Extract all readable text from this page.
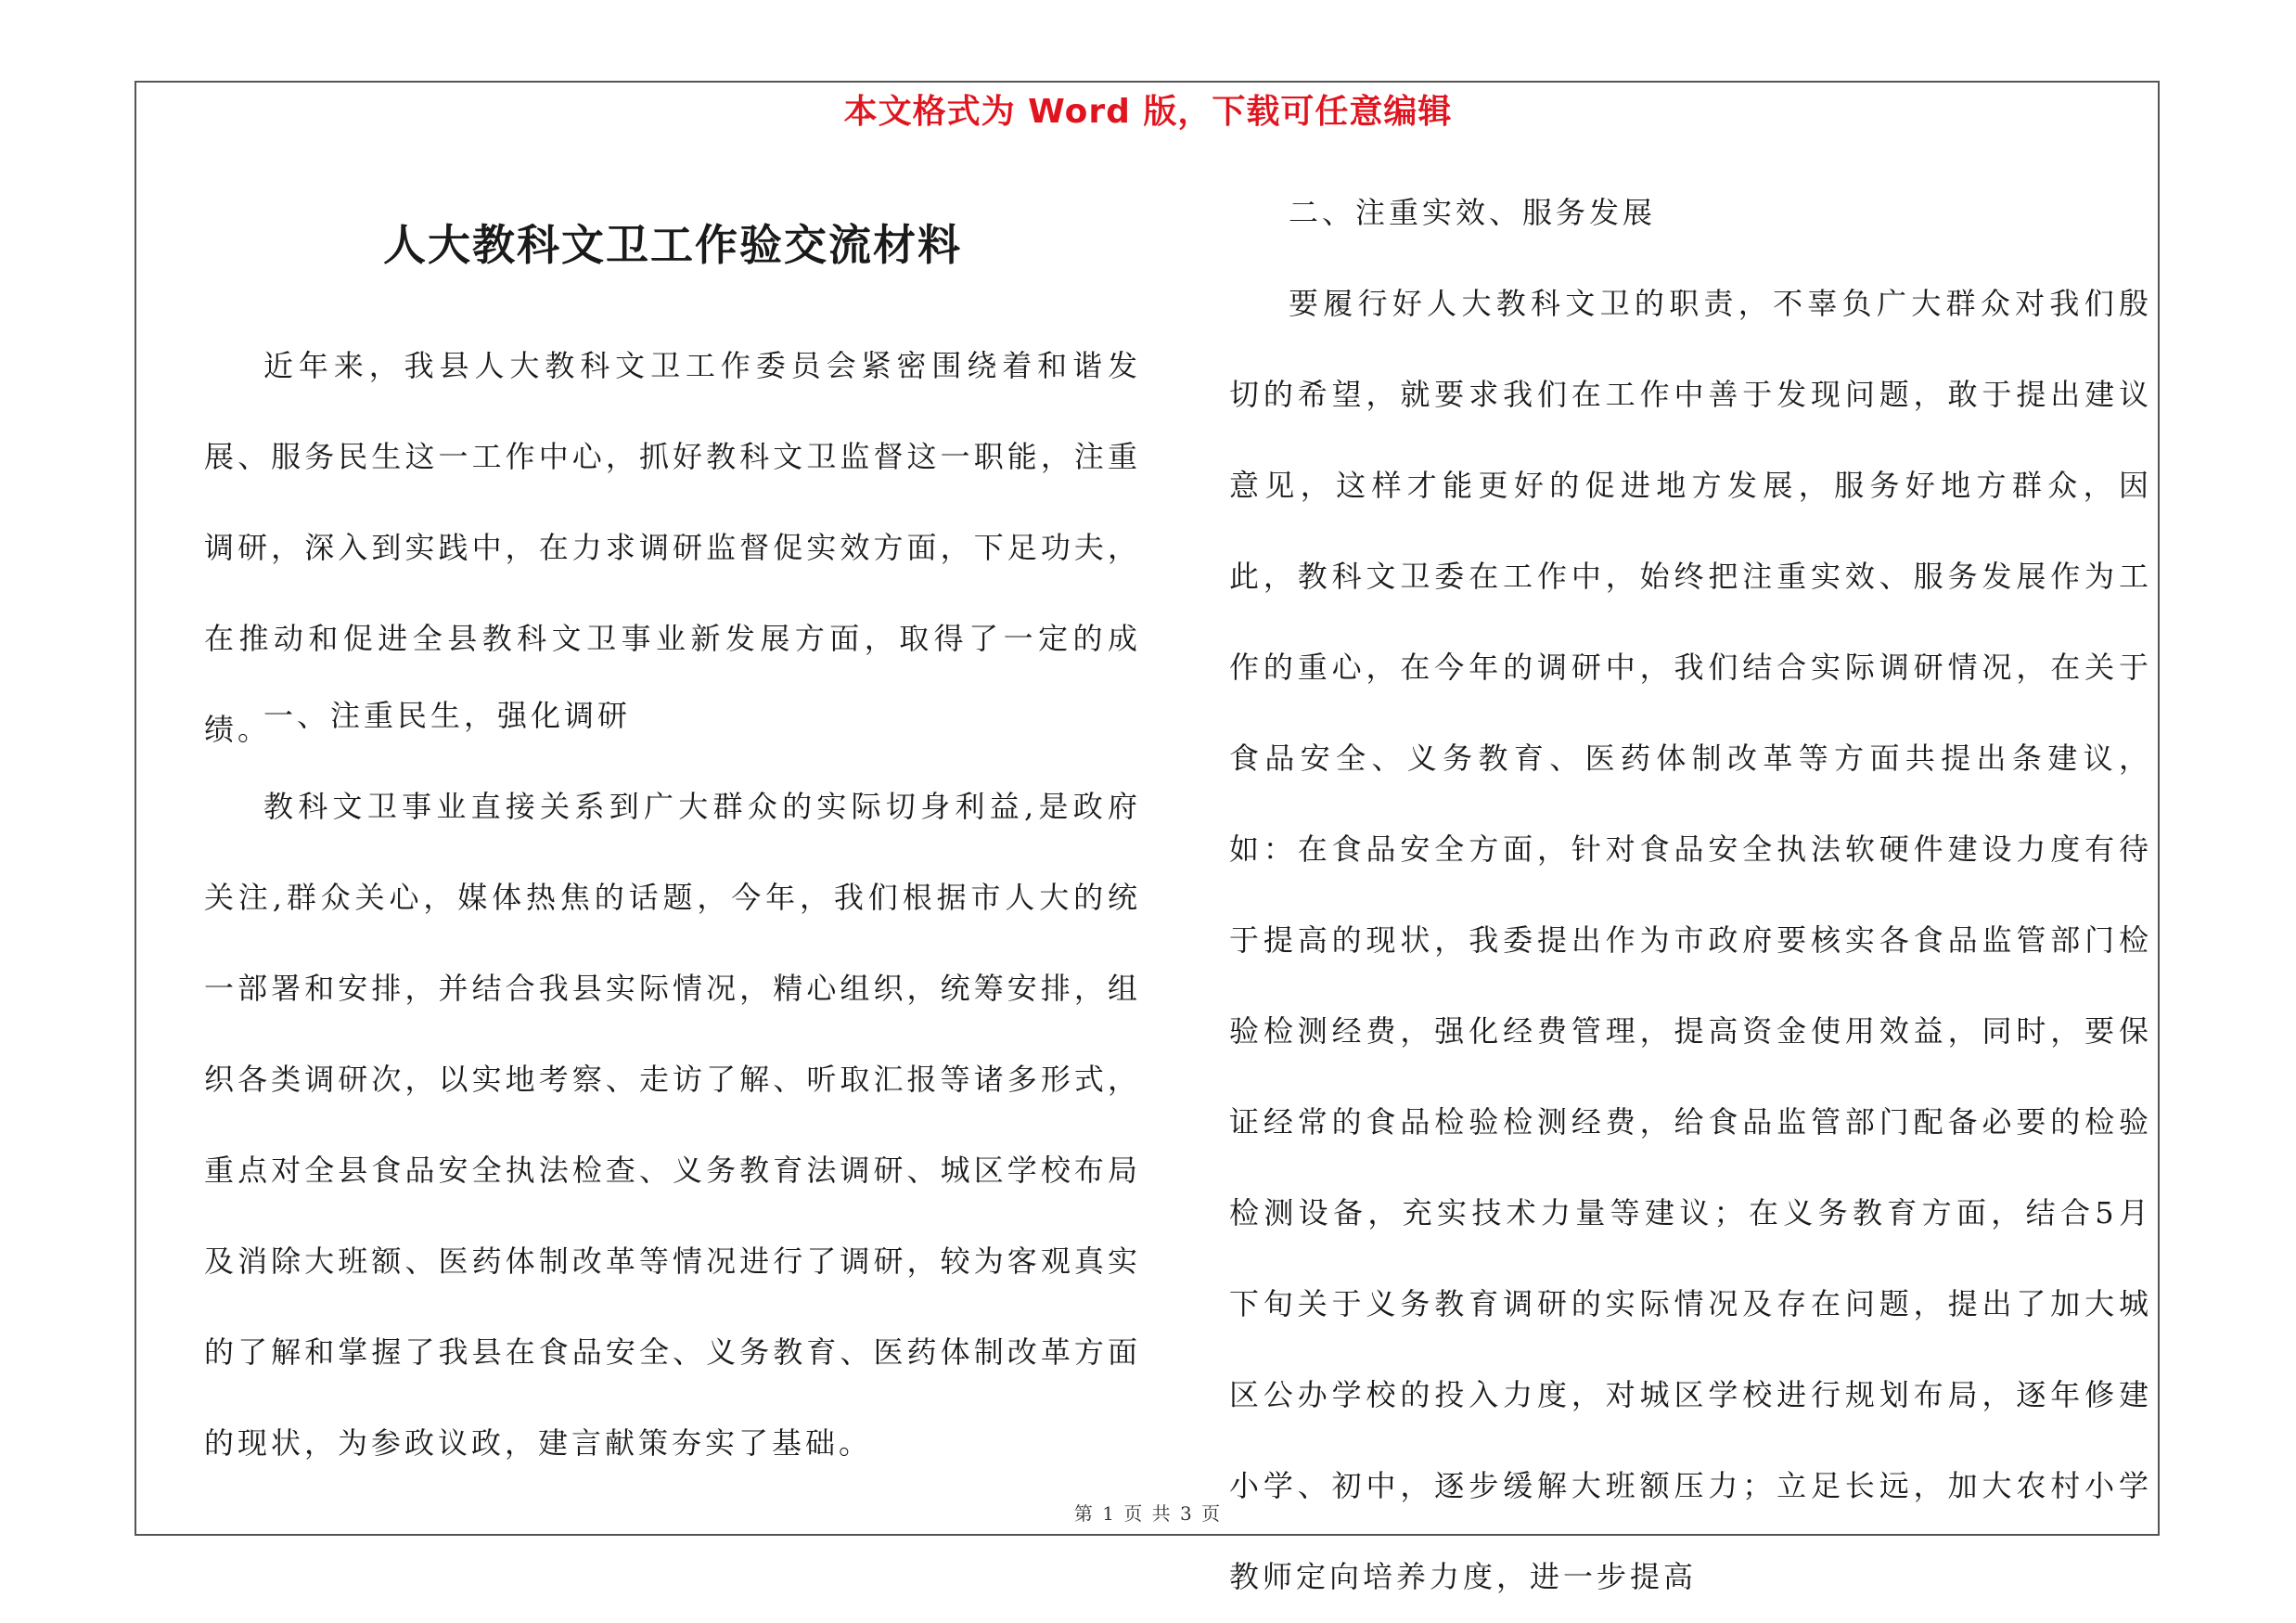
本文格式为 Word 版，下载可任意编辑
人大教科文卫工作验交流材料

近年来，我县人大教科文卫工作委员会紧密围绕着和谐发展、服务民生这一工作中心，抓好教科文卫监督这一职能，注重调研，深入到实践中，在力求调研监督促实效方面，下足功夫，在推动和促进全县教科文卫事业新发展方面，取得了一定的成绩。

一、注重民生，强化调研

教科文卫事业直接关系到广大群众的实际切身利益,是政府关注,群众关心，媒体热焦的话题，今年，我们根据市人大的统一部署和安排，并结合我县实际情况，精心组织，统筹安排，组织各类调研次，以实地考察、走访了解、听取汇报等诸多形式，重点对全县食品安全执法检查、义务教育法调研、城区学校布局及消除大班额、医药体制改革等情况进行了调研，较为客观真实的了解和掌握了我县在食品安全、义务教育、医药体制改革方面的现状，为参政议政，建言献策夯实了基础。

二、注重实效、服务发展

要履行好人大教科文卫的职责，不辜负广大群众对我们殷切的希望，就要求我们在工作中善于发现问题，敢于提出建议意见，这样才能更好的促进地方发展，服务好地方群众，因此，教科文卫委在工作中，始终把注重实效、服务发展作为工作的重心，在今年的调研中，我们结合实际调研情况，在关于食品安全、义务教育、医药体制改革等方面共提出条建议，如：在食品安全方面，针对食品安全执法软硬件建设力度有待于提高的现状，我委提出作为市政府要核实各食品监管部门检验检测经费，强化经费管理，提高资金使用效益，同时，要保证经常的食品检验检测经费，给食品监管部门配备必要的检验检测设备，充实技术力量等建议；在义务教育方面，结合5月下旬关于义务教育调研的实际情况及存在问题，提出了加大城区公办学校的投入力度，对城区学校进行规划布局，逐年修建小学、初中，逐步缓解大班额压力；立足长远，加大农村小学教师定向培养力度，进一步提高

第 1 页 共 3 页
